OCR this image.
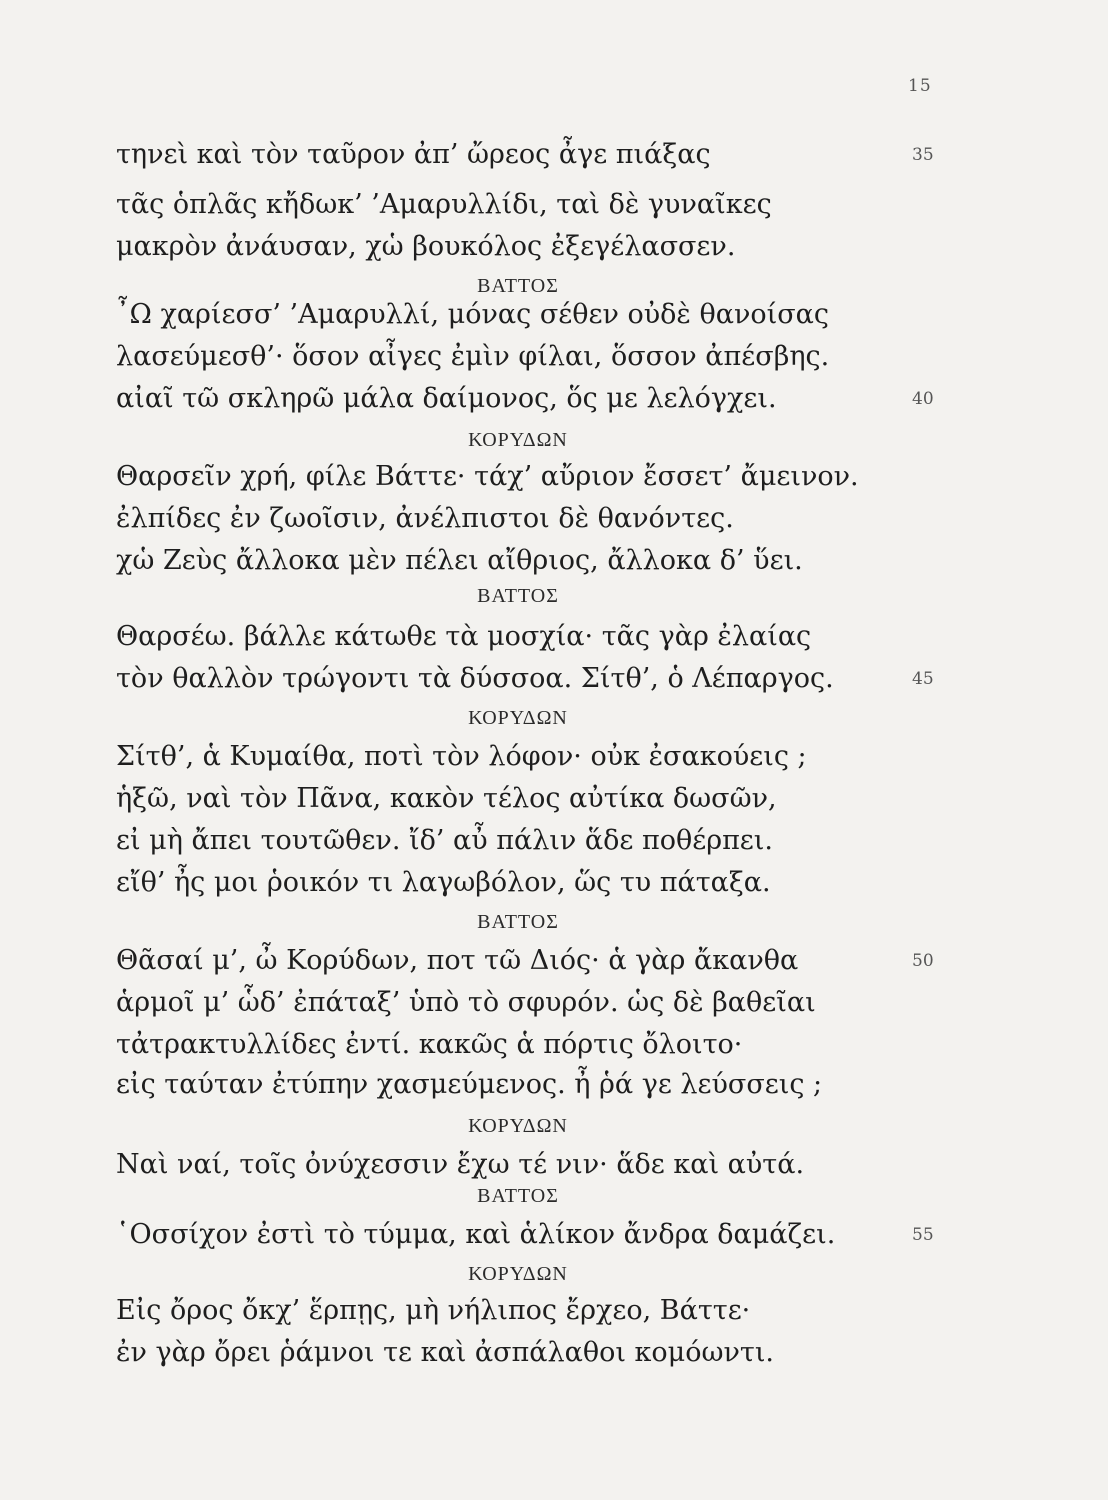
15
τηνεὶ καὶ τὸν ταῦρον ἀπ’ ὤρεος ἆγε πιάξας	35
τᾶς ὁπλᾶς κἤδωκ’ ’Αμαρυλλίδι, ταὶ δὲ γυναῖκες
μακρὸν ἀνάυσαν, χὡ βουκόλος ἐξεγέλασσεν.
ΒΑΤΤΟΣ
῏Ω χαρίεσσ’ ’Αμαρυλλί, μόνας σέθεν οὐδὲ θανοίσας
λασεύμεσθ’· ὅσον αἶγες ἐμὶν φίλαι, ὅσσον ἀπέσβης.
αἰαῖ τῶ σκληρῶ μάλα δαίμονος, ὅς με λελόγχει.	40
ΚΟΡΥΔΩΝ
Θαρσεῖν χρή, φίλε Βάττε· τάχ’ αὔριον ἔσσετ’ ἄμεινον.
ἐλπίδες ἐν ζωοῖσιν, ἀνέλπιστοι δὲ θανόντες.
χὡ Ζεὺς ἄλλοκα μὲν πέλει αἴθριος, ἄλλοκα δ’ ὕει.
ΒΑΤΤΟΣ
Θαρσέω. βάλλε κάτωθε τὰ μοσχία· τᾶς γὰρ ἐλαίας
τὸν θαλλὸν τρώγοντι τὰ δύσσοα. Σίτθ’, ὁ Λέπαργος.	45
ΚΟΡΥΔΩΝ
Σίτθ’, ἁ Κυμαίθα, ποτὶ τὸν λόφον· οὐκ ἐσακούεις ;
ἡξῶ, ναὶ τὸν Πᾶνα, κακὸν τέλος αὐτίκα δωσῶν,
εἰ μὴ ἄπει τουτῶθεν. ἴδ’ αὖ πάλιν ἅδε ποθέρπει.
εἴθ’ ἦς μοι ῥοικόν τι λαγωβόλον, ὥς τυ πάταξα.
ΒΑΤΤΟΣ
Θᾶσαί μ’, ὦ Κορύδων, ποτ τῶ Διός· ἁ γὰρ ἄκανθα	50
ἁρμοῖ μ’ ὧδ’ ἐπάταξ’ ὑπὸ τὸ σφυρόν. ὡς δὲ βαθεῖαι
τἀτρακτυλλίδες ἐντί. κακῶς ἁ πόρτις ὄλοιτο·
εἰς ταύταν ἐτύπην χασμεύμενος. ἦ ῥά γε λεύσσεις ;
ΚΟΡΥΔΩΝ
Ναὶ ναί, τοῖς ὀνύχεσσιν ἔχω τέ νιν· ἅδε καὶ αὐτά.
ΒΑΤΤΟΣ
῾Οσσίχον ἐστὶ τὸ τύμμα, καὶ ἁλίκον ἄνδρα δαμάζει.	55
ΚΟΡΥΔΩΝ
Εἰς ὄρος ὄκχ’ ἕρπῃς, μὴ νήλιπος ἔρχεο, Βάττε·
ἐν γὰρ ὄρει ῥάμνοι τε καὶ ἀσπάλαθοι κομόωντι.
